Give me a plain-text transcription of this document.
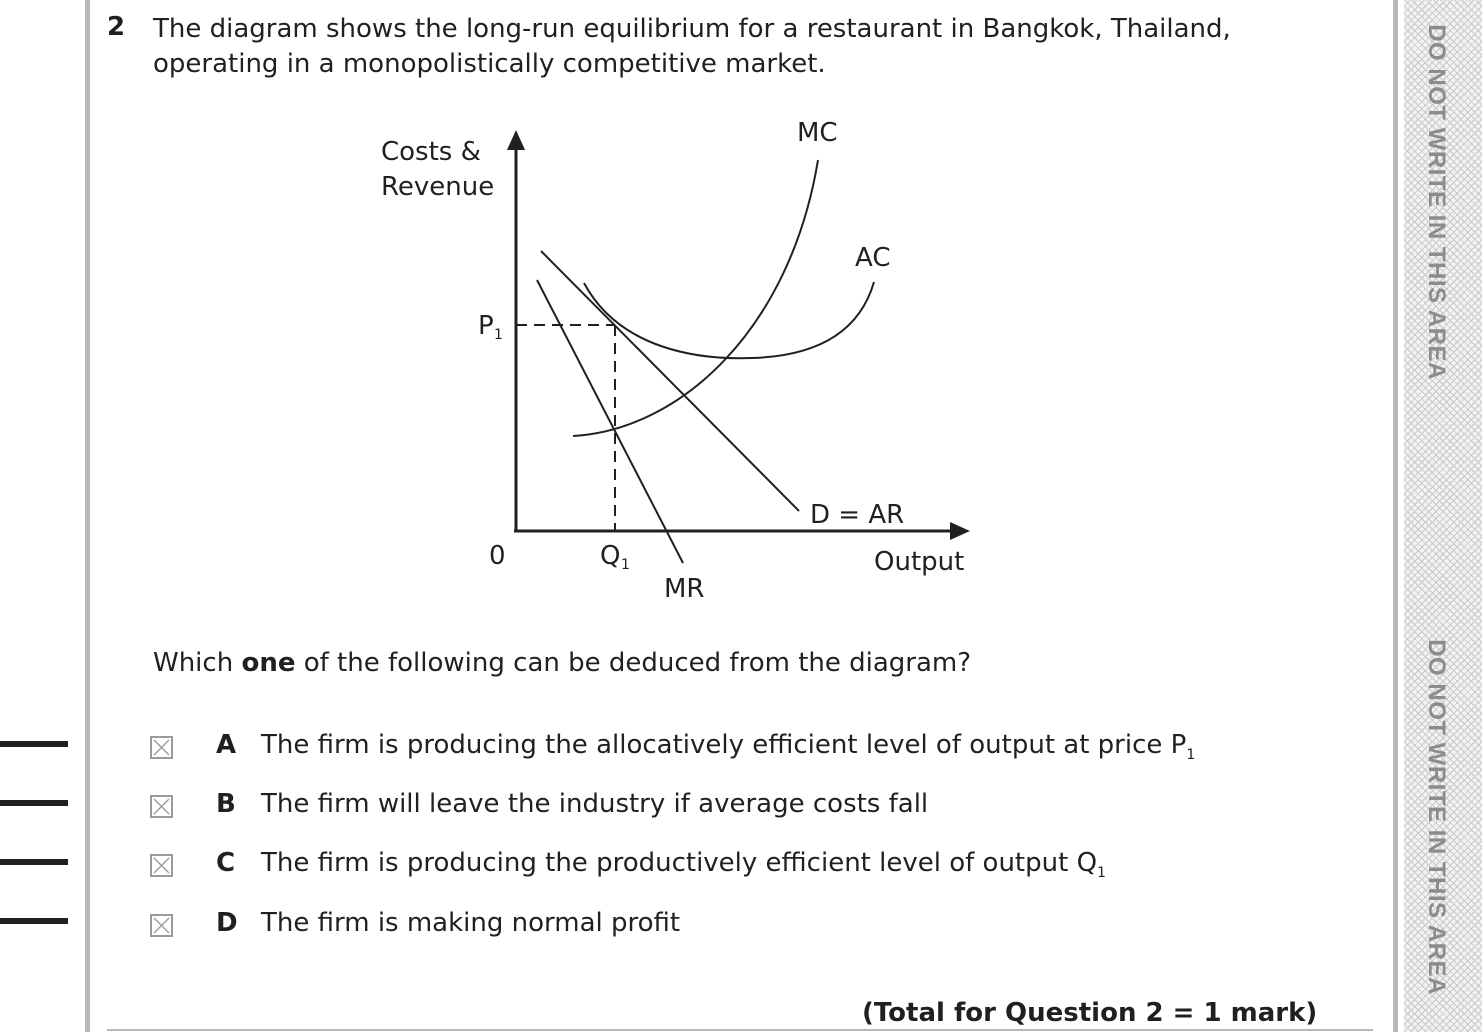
DO NOT WRITE IN THIS AREA
DO NOT WRITE IN THIS AREA
2 The diagram shows the long-run equilibrium for a restaurant in Bangkok, Thailand,
operating in a monopolistically competitive market.
Costs &
Revenue
Output
0
P 1
Q 1
MC
AC
D = AR
MR
Which one of the following can be deduced from the diagram?
A The firm is producing the allocatively efficient level of output at price $P_1$
B The firm will leave the industry if average costs fall
C The firm is producing the productively efficient level of output $Q_1$
D The firm is making normal profit
(Total for Question 2 = 1 mark)
